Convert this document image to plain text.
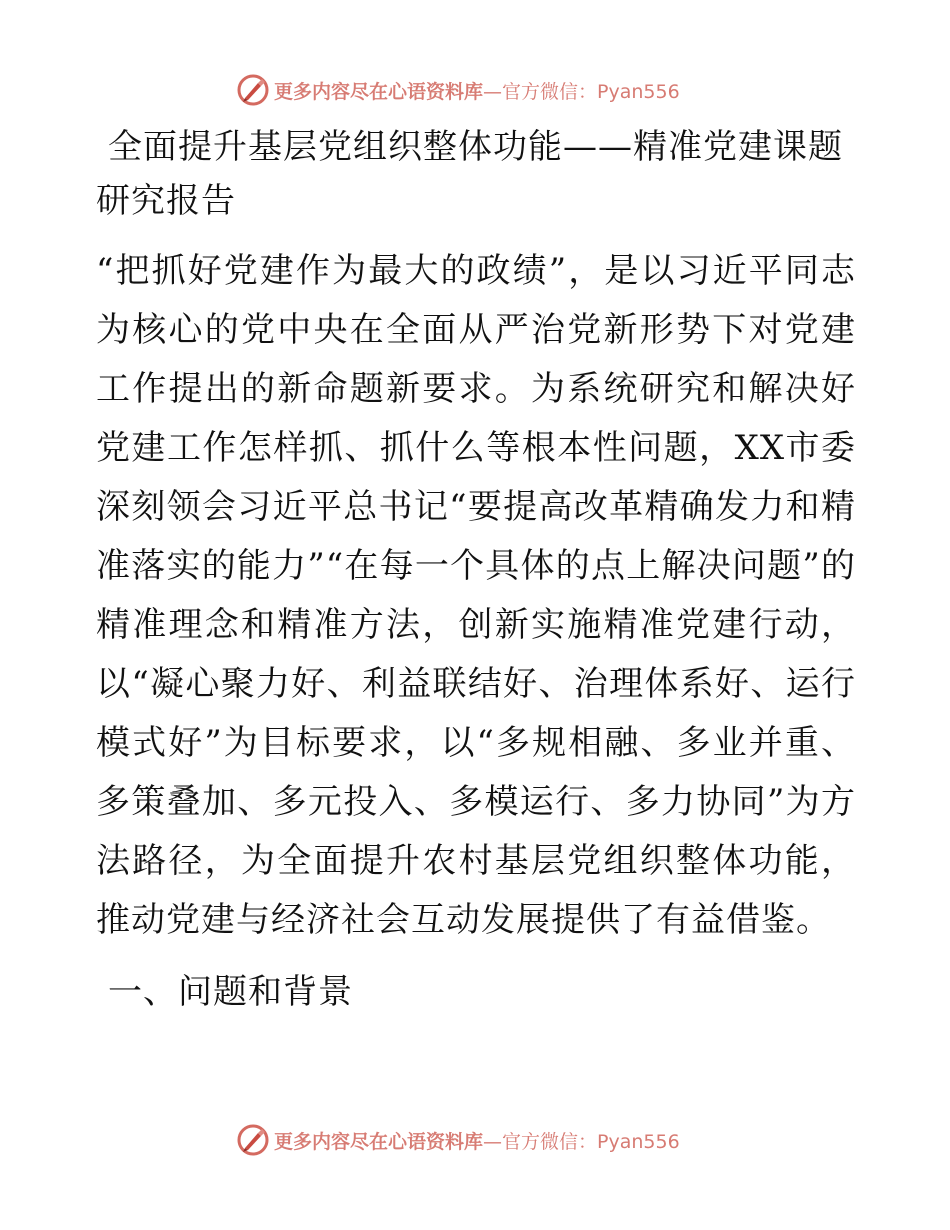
更多内容尽在心语资料库 —官方微信：Pyan556
全面提升基层党组织整体功能——精准党建课题研究报告

“把抓好党建作为最大的政绩”，是以习近平同志为核心的党中央在全面从严治党新形势下对党建工作提出的新命题新要求。为系统研究和解决好党建工作怎样抓、抓什么等根本性问题，XX市委深刻领会习近平总书记“要提高改革精确发力和精准落实的能力”“在每一个具体的点上解决问题”的精准理念和精准方法，创新实施精准党建行动，以“凝心聚力好、利益联结好、治理体系好、运行模式好”为目标要求，以“多规相融、多业并重、多策叠加、多元投入、多模运行、多力协同”为方法路径，为全面提升农村基层党组织整体功能，推动党建与经济社会互动发展提供了有益借鉴。

一、问题和背景
更多内容尽在心语资料库 —官方微信：Pyan556
